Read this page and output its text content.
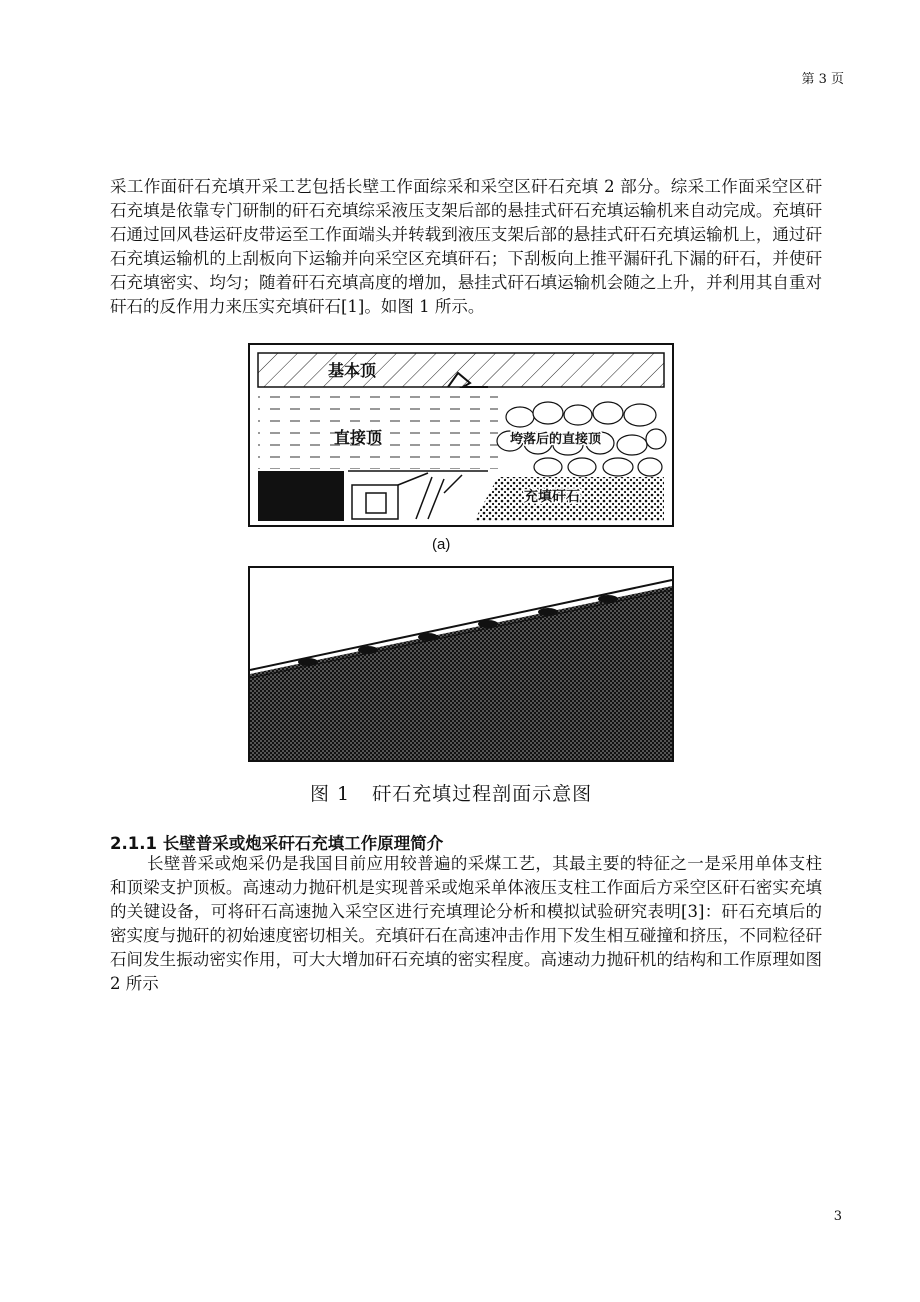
第 3 页

采工作面矸石充填开采工艺包括长壁工作面综采和采空区矸石充填 2 部分。综采工作面采空区矸石充填是依靠专门研制的矸石充填综采液压支架后部的悬挂式矸石充填运输机来自动完成。充填矸石通过回风巷运矸皮带运至工作面端头并转载到液压支架后部的悬挂式矸石充填运输机上，通过矸石充填运输机的上刮板向下运输并向采空区充填矸石；下刮板向上推平漏矸孔下漏的矸石，并使矸石充填密实、均匀；随着矸石充填高度的增加，悬挂式矸石填运输机会随之上升，并利用其自重对矸石的反作用力来压实充填矸石[1]。如图 1 所示。

基本顶
直接顶	垮落后的直接顶
充填矸石
(a)
图 1 矸石充填过程剖面示意图
2.1.1 长壁普采或炮采矸石充填工作原理简介

长壁普采或炮采仍是我国目前应用较普遍的采煤工艺，其最主要的特征之一是采用单体支柱和顶梁支护顶板。高速动力抛矸机是实现普采或炮采单体液压支柱工作面后方采空区矸石密实充填的关键设备，可将矸石高速抛入采空区进行充填理论分析和模拟试验研究表明[3]：矸石充填后的密实度与抛矸的初始速度密切相关。充填矸石在高速冲击作用下发生相互碰撞和挤压，不同粒径矸石间发生振动密实作用，可大大增加矸石充填的密实程度。高速动力抛矸机的结构和工作原理如图 2 所示

3
